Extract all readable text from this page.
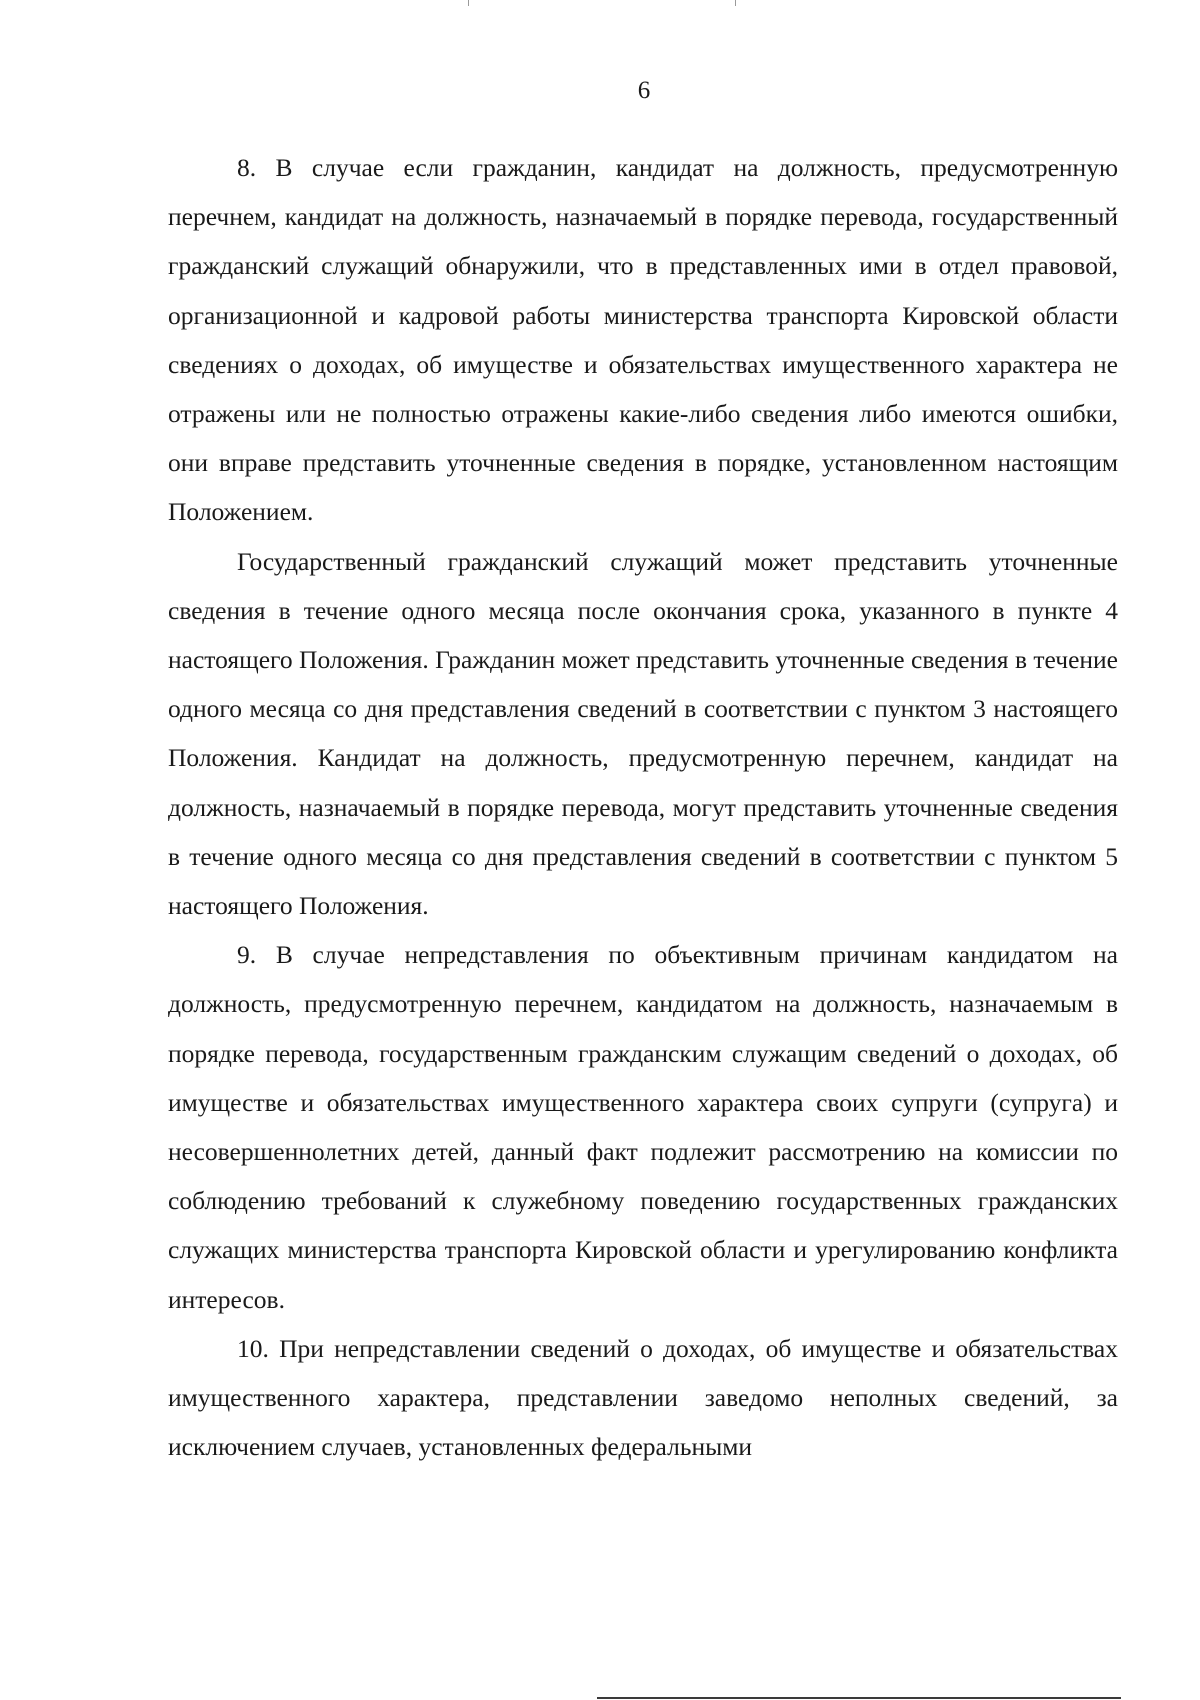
6

8. В случае если гражданин, кандидат на должность, предусмотренную перечнем, кандидат на должность, назначаемый в порядке перевода, государственный гражданский служащий обнаружили, что в представленных ими в отдел правовой, организационной и кадровой работы министерства транспорта Кировской области сведениях о доходах, об имуществе и обязательствах имущественного характера не отражены или не полностью отражены какие-либо сведения либо имеются ошибки, они вправе представить уточненные сведения в порядке, установленном настоящим Положением.

Государственный гражданский служащий может представить уточненные сведения в течение одного месяца после окончания срока, указанного в пункте 4 настоящего Положения. Гражданин может представить уточненные сведения в течение одного месяца со дня представления сведений в соответствии с пунктом 3 настоящего Положения. Кандидат на должность, предусмотренную перечнем, кандидат на должность, назначаемый в порядке перевода, могут представить уточненные сведения в течение одного месяца со дня представления сведений в соответствии с пунктом 5 настоящего Положения.

9. В случае непредставления по объективным причинам кандидатом на должность, предусмотренную перечнем, кандидатом на должность, назначаемым в порядке перевода, государственным гражданским служащим сведений о доходах, об имуществе и обязательствах имущественного характера своих супруги (супруга) и несовершеннолетних детей, данный факт подлежит рассмотрению на комиссии по соблюдению требований к служебному поведению государственных гражданских служащих министерства транспорта Кировской области и урегулированию конфликта интересов.

10. При непредставлении сведений о доходах, об имуществе и обязательствах имущественного характера, представлении заведомо неполных сведений, за исключением случаев, установленных федеральными
